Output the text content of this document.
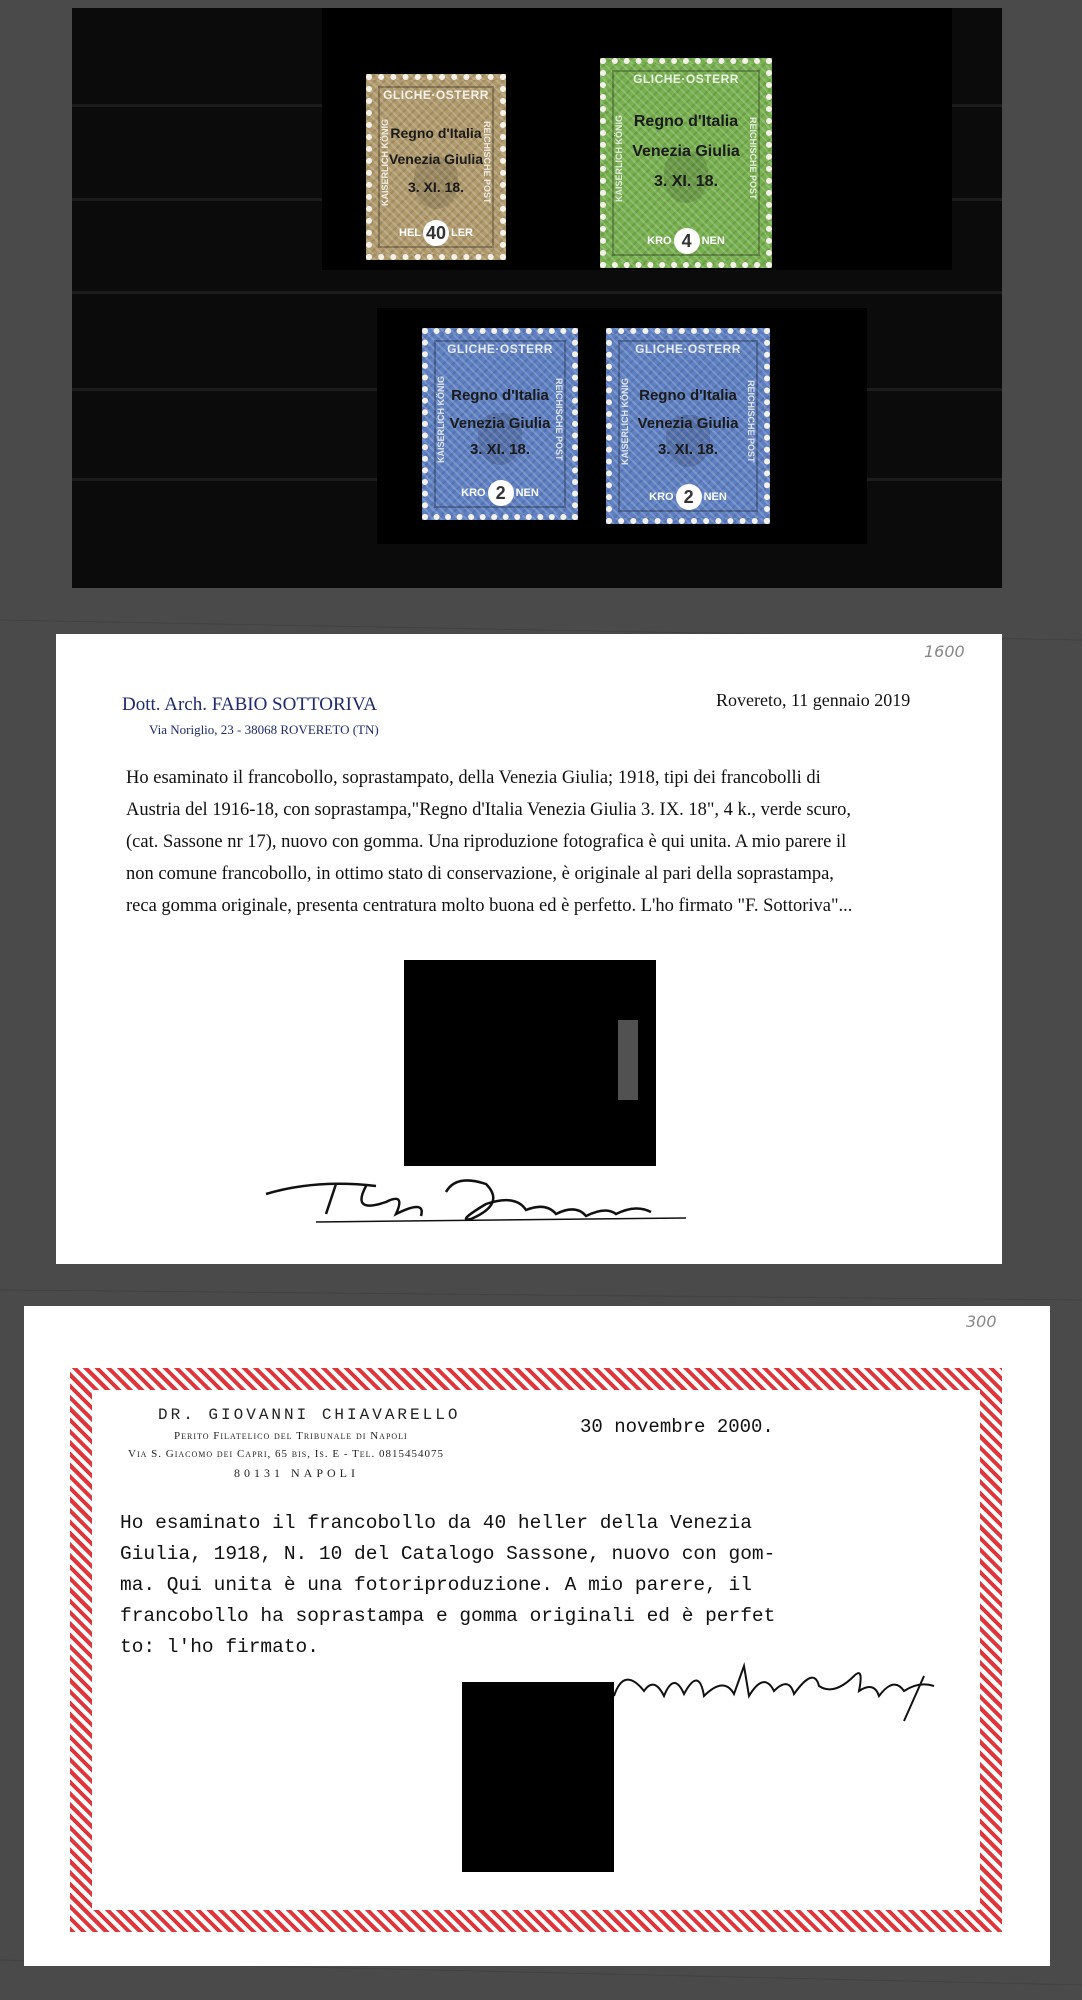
GLICHE·OSTERR
KAISERLICH KÖNIG	REICHISCHE POST
Regno d'Italia
Venezia Giulia
3. XI. 18.
HEL 40 LER
GLICHE·OSTERR
KAISERLICH KÖNIG	REICHISCHE POST
Regno d'Italia
Venezia Giulia
3. XI. 18.
KRO 4 NEN
GLICHE·OSTERR
KAISERLICH KÖNIG	REICHISCHE POST
Regno d'Italia
Venezia Giulia
3. XI. 18.
KRO 2 NEN
GLICHE·OSTERR
KAISERLICH KÖNIG	REICHISCHE POST
Regno d'Italia
Venezia Giulia
3. XI. 18.
KRO 2 NEN
1600
Dott. Arch. FABIO SOTTORIVA
Via Noriglio, 23 - 38068 ROVERETO (TN)
Rovereto, 11 gennaio 2019
Ho esaminato il francobollo, soprastampato, della Venezia Giulia; 1918, tipi dei francobolli di
Austria del 1916-18, con soprastampa,"Regno d'Italia Venezia Giulia 3. IX. 18", 4 k., verde scuro,
(cat. Sassone nr 17), nuovo con gomma. Una riproduzione fotografica è qui unita. A mio parere il
non comune francobollo, in ottimo stato di conservazione, è originale al pari della soprastampa,
reca gomma originale, presenta centratura molto buona ed è perfetto. L'ho firmato "F. Sottoriva"...
300
DR. GIOVANNI CHIAVARELLO
Perito Filatelico del Tribunale di Napoli
Via S. Giacomo dei Capri, 65 bis, Is. E - Tel. 0815454075
80131 NAPOLI
30 novembre 2000.
Ho esaminato il francobollo da 40 heller della Venezia
Giulia, 1918, N. 10 del Catalogo Sassone, nuovo con gom-
ma. Qui unita è una fotoriproduzione. A mio parere, il
francobollo ha soprastampa e gomma originali ed è perfet
to: l'ho firmato.
